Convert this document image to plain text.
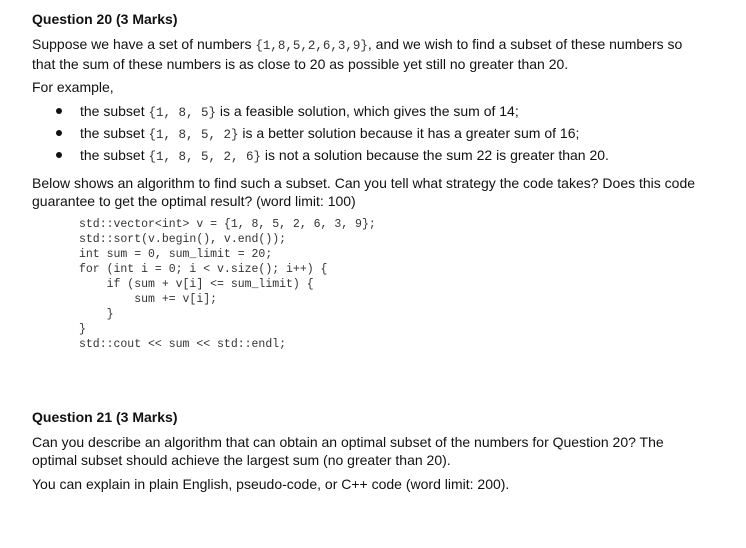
Question 20 (3 Marks)

Suppose we have a set of numbers {1,8,5,2,6,3,9}, and we wish to find a subset of these numbers so
that the sum of these numbers is as close to 20 as possible yet still no greater than 20.

For example,

the subset {1, 8, 5} is a feasible solution, which gives the sum of 14;
the subset {1, 8, 5, 2} is a better solution because it has a greater sum of 16;
the subset {1, 8, 5, 2, 6} is not a solution because the sum 22 is greater than 20.

Below shows an algorithm to find such a subset. Can you tell what strategy the code takes? Does this code
guarantee to get the optimal result? (word limit: 100)

std::vector<int> v = {1, 8, 5, 2, 6, 3, 9};
std::sort(v.begin(), v.end());
int sum = 0, sum_limit = 20;
for (int i = 0; i < v.size(); i++) {
if (sum + v[i] <= sum_limit) {
sum += v[i];
}
}
std::cout << sum << std::endl;

Question 21 (3 Marks)

Can you describe an algorithm that can obtain an optimal subset of the numbers for Question 20? The
optimal subset should achieve the largest sum (no greater than 20).

You can explain in plain English, pseudo-code, or C++ code (word limit: 200).
